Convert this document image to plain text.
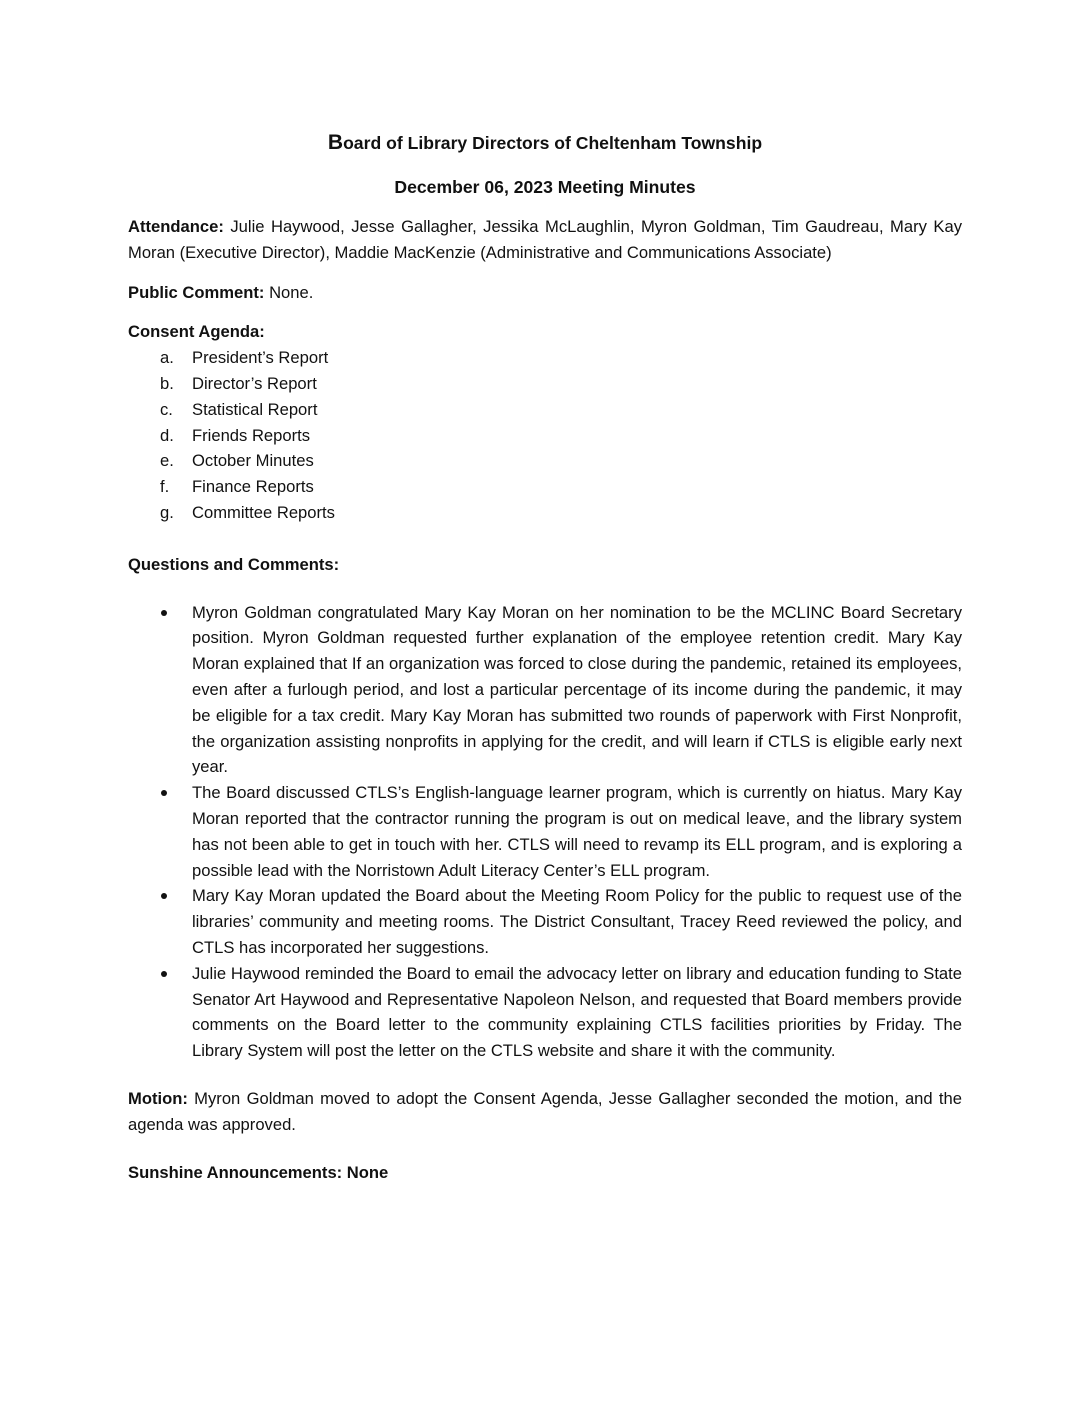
Board of Library Directors of Cheltenham Township
December 06, 2023 Meeting Minutes

Attendance: Julie Haywood, Jesse Gallagher, Jessika McLaughlin, Myron Goldman, Tim Gaudreau, Mary Kay Moran (Executive Director), Maddie MacKenzie (Administrative and Communications Associate)

Public Comment: None.

Consent Agenda:
a.	President’s Report
b.	Director’s Report
c.	Statistical Report
d.	Friends Reports
e.	October Minutes
f.	Finance Reports
g.	Committee Reports
Questions and Comments:
Myron Goldman congratulated Mary Kay Moran on her nomination to be the MCLINC Board Secretary position. Myron Goldman requested further explanation of the employee retention credit. Mary Kay Moran explained that If an organization was forced to close during the pandemic, retained its employees, even after a furlough period, and lost a particular percentage of its income during the pandemic, it may be eligible for a tax credit. Mary Kay Moran has submitted two rounds of paperwork with First Nonprofit, the organization assisting nonprofits in applying for the credit, and will learn if CTLS is eligible early next year.
The Board discussed CTLS’s English-language learner program, which is currently on hiatus. Mary Kay Moran reported that the contractor running the program is out on medical leave, and the library system has not been able to get in touch with her. CTLS will need to revamp its ELL program, and is exploring a possible lead with the Norristown Adult Literacy Center’s ELL program.
Mary Kay Moran updated the Board about the Meeting Room Policy for the public to request use of the libraries’ community and meeting rooms. The District Consultant, Tracey Reed reviewed the policy, and CTLS has incorporated her suggestions.
Julie Haywood reminded the Board to email the advocacy letter on library and education funding to State Senator Art Haywood and Representative Napoleon Nelson, and requested that Board members provide comments on the Board letter to the community explaining CTLS facilities priorities by Friday. The Library System will post the letter on the CTLS website and share it with the community.

Motion: Myron Goldman moved to adopt the Consent Agenda, Jesse Gallagher seconded the motion, and the agenda was approved.

Sunshine Announcements: None
